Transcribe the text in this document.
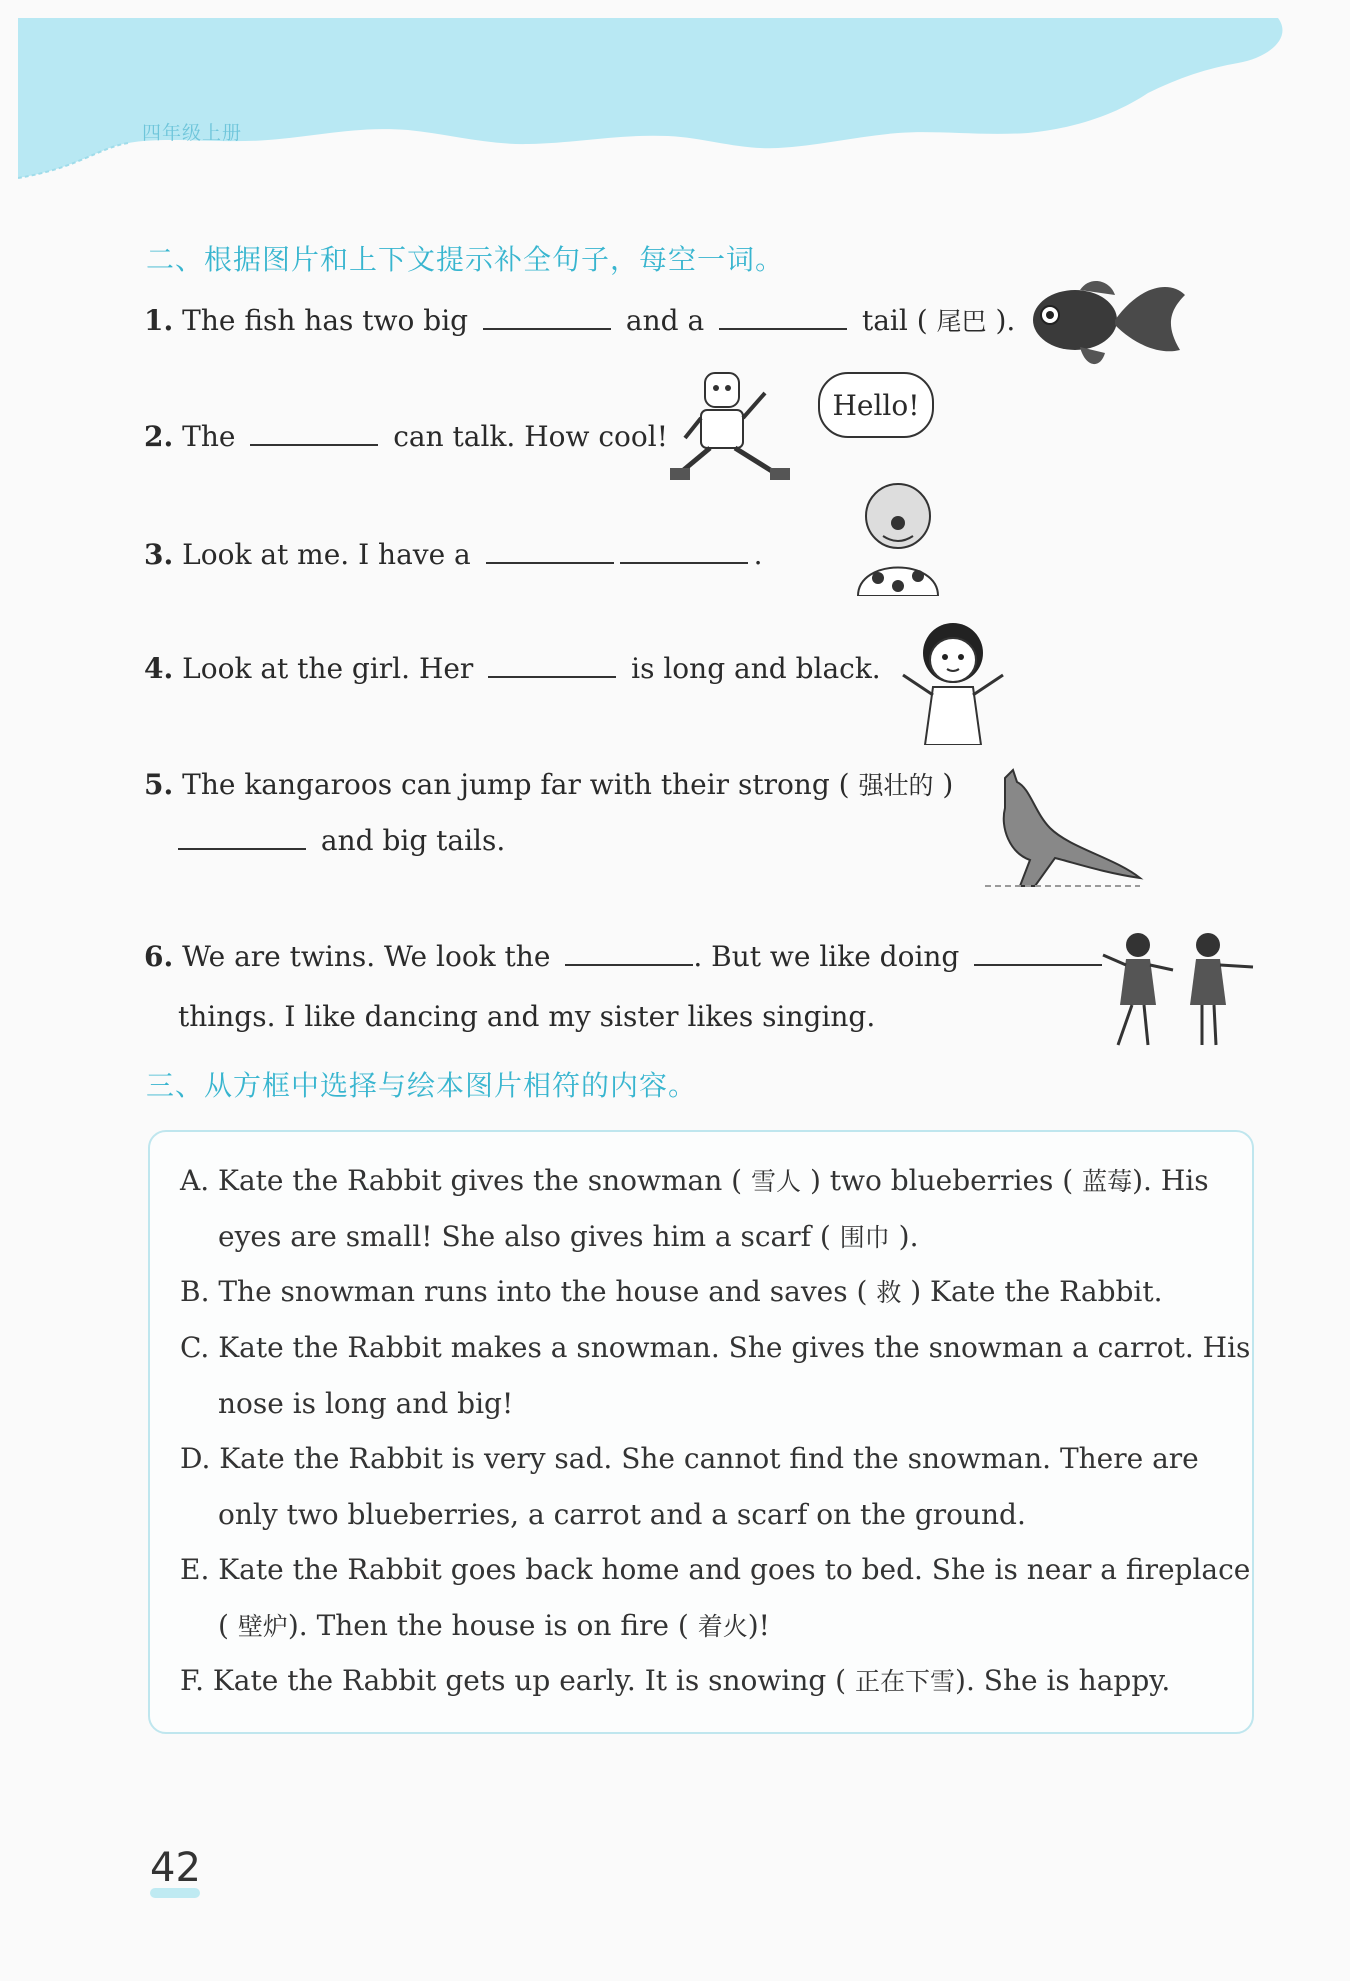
四年级上册
二、根据图片和上下文提示补全句子，每空一词。
1. The fish has two big	and a	tail ( 尾巴 ).
2. The	can talk. How cool!
3. Look at me. I have a	.
4. Look at the girl. Her	is long and black.
5. The kangaroos can jump far with their strong ( 强壮的 )
and big tails.
6. We are twins. We look the	. But we like doing
things. I like dancing and my sister likes singing.
Hello!
三、从方框中选择与绘本图片相符的内容。
A. Kate the Rabbit gives the snowman ( 雪人 ) two blueberries ( 蓝莓). His
eyes are small! She also gives him a scarf ( 围巾 ).
B. The snowman runs into the house and saves ( 救 ) Kate the Rabbit.
C. Kate the Rabbit makes a snowman. She gives the snowman a carrot. His
nose is long and big!
D. Kate the Rabbit is very sad. She cannot find the snowman. There are
only two blueberries, a carrot and a scarf on the ground.
E. Kate the Rabbit goes back home and goes to bed. She is near a fireplace
( 壁炉). Then the house is on fire ( 着火)!
F. Kate the Rabbit gets up early. It is snowing ( 正在下雪). She is happy.
42
